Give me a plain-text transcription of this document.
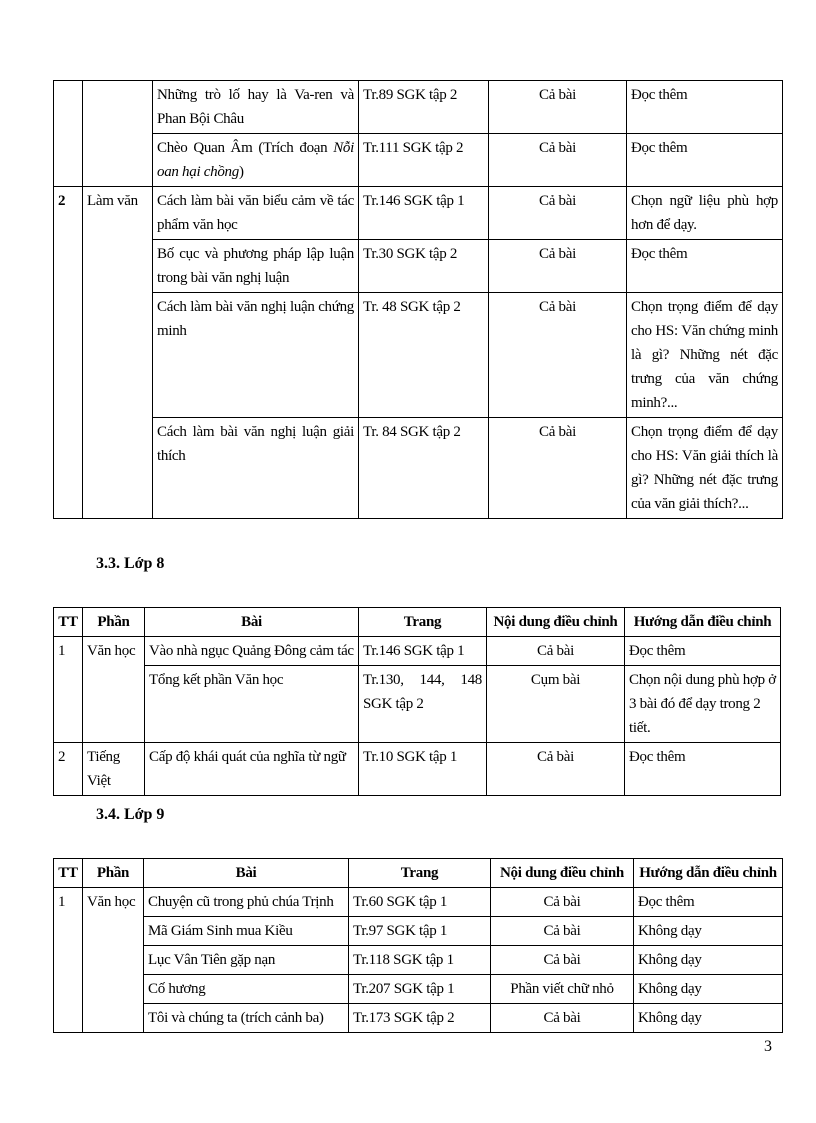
		Những trò lố hay là Va-ren và Phan Bội Châu	Tr.89 SGK tập 2	Cả bài	Đọc thêm
		Chèo Quan Âm (Trích đoạn Nỗi oan hại chồng)	Tr.111 SGK tập 2	Cả bài	Đọc thêm
2	Làm văn	Cách làm bài văn biểu cảm về tác phẩm văn học	Tr.146 SGK tập 1	Cả bài	Chọn ngữ liệu phù hợp hơn để dạy.
		Bố cục và phương pháp lập luận trong bài văn nghị luận	Tr.30 SGK tập 2	Cả bài	Đọc thêm
		Cách làm bài văn nghị luận chứng minh	Tr. 48 SGK tập 2	Cả bài	Chọn trọng điểm để dạy cho HS: Văn chứng minh là gì? Những nét đặc trưng của văn chứng minh?...
		Cách làm bài văn nghị luận giải thích	Tr. 84 SGK tập 2	Cả bài	Chọn trọng điểm để dạy cho HS: Văn giải thích là gì? Những nét đặc trưng của văn giải thích?...
3.3. Lớp 8
TT	Phần	Bài	Trang	Nội dung điều chỉnh	Hướng dẫn điều chỉnh
1	Văn học	Vào nhà ngục Quảng Đông cảm tác	Tr.146 SGK tập 1	Cả bài	Đọc thêm
		Tổng kết phần Văn học	Tr.130, 144, 148 SGK tập 2	Cụm bài	Chọn nội dung phù hợp ở 3 bài đó để dạy trong 2 tiết.
2	Tiếng Việt	Cấp độ khái quát của nghĩa từ ngữ	Tr.10 SGK tập 1	Cả bài	Đọc thêm
3.4. Lớp 9
TT	Phần	Bài	Trang	Nội dung điều chỉnh	Hướng dẫn điều chỉnh
1	Văn học	Chuyện cũ trong phủ chúa Trịnh	Tr.60 SGK tập 1	Cả bài	Đọc thêm
		Mã Giám Sinh mua Kiều	Tr.97 SGK tập 1	Cả bài	Không dạy
		Lục Vân Tiên gặp nạn	Tr.118 SGK tập 1	Cả bài	Không dạy
		Cố hương	Tr.207 SGK tập 1	Phần viết chữ nhỏ	Không dạy
		Tôi và chúng ta (trích cảnh ba)	Tr.173 SGK tập 2	Cả bài	Không dạy
3
